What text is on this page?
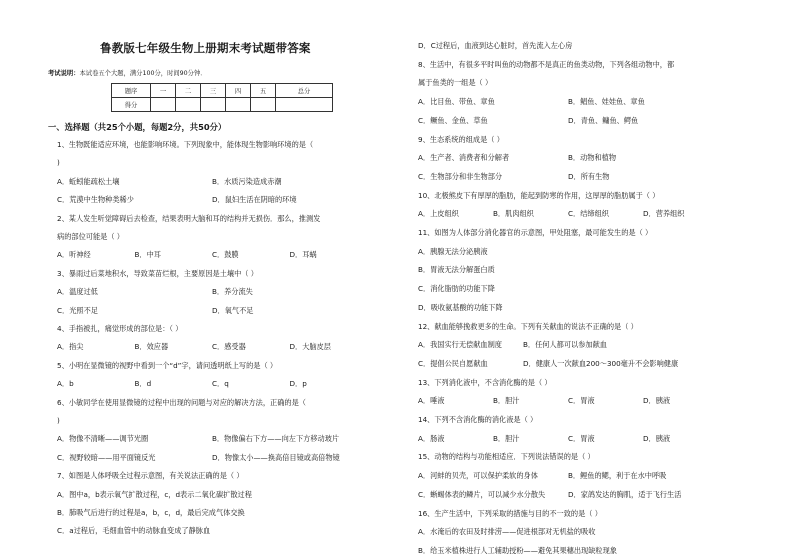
鲁教版七年级生物上册期末考试题带答案
考试说明：本试卷五个大题，满分100分，时间90分钟．
题序	一	二	三	四	五	总分
得分						
一、选择题（共25个小题，每题2分，共50分）
1、生物既能适应环境，也能影响环境。下列现象中，能体现生物影响环境的是（
)
A．蚯蚓能疏松土壤	B．水质污染造成赤潮
C．荒漠中生物种类稀少	D．鼠妇生活在阴暗的环境
2、某人发生听觉障碍后去检查，结果表明大脑和耳的结构并无损伤．那么，推测发
病的部位可能是（ ）
A．听神经	B．中耳	C．鼓膜	D．耳蜗
3、暴雨过后菜地积水，导致菜苗烂根，主要原因是土壤中（ ）
A．温度过低	B．养分流失
C．光照不足	D．氧气不足
4、手指被扎，痛觉形成的部位是：（ ）
A．指尖	B．效应器	C．感受器	D．大脑皮层
5、小明在显微镜的视野中看到一个“d”字，请问透明纸上写的是（ ）
A．b	B．d	C．q	D．p
6、小敏同学在使用显微镜的过程中出现的问题与对应的解决方法，正确的是（
)
A．物像不清晰——调节光圈	B．物像偏右下方——向左下方移动玻片
C．视野较暗——用平面镜反光	D．物像太小——换高倍目镜或高倍物镜
7、如图是人体呼吸全过程示意图，有关说法正确的是（ ）
A．图中a，b表示氧气扩散过程，c，d表示二氧化碳扩散过程
B．肺吸气后进行的过程是a，b，c，d，最后完成气体交换
C．a过程后，毛细血管中的动脉血变成了静脉血
D．C过程后，血液到达心脏时，首先流入左心房
8、生活中，有很多平时叫鱼的动物都不是真正的鱼类动物，下列各组动物中，都
属于鱼类的一组是（ ）
A．比目鱼、带鱼、章鱼	B．鲳鱼、娃娃鱼、章鱼
C．鳜鱼、金鱼、草鱼	D．青鱼、鳙鱼、鳄鱼
9、生态系统的组成是（ ）
A．生产者、消费者和分解者	B．动物和植物
C．生物部分和非生物部分	D．所有生物
10、北极熊皮下有厚厚的脂肪，能起到防寒的作用，这厚厚的脂肪属于（ ）
A．上皮组织	B．肌肉组织	C．结缔组织	D．营养组织
11、如图为人体部分消化器官的示意图，甲处阻塞，最可能发生的是（ ）
A．胰腺无法分泌胰液
B．胃液无法分解蛋白质
C．消化脂肪的功能下降
D．吸收氨基酸的功能下降
12、献血能够挽救更多的生命。下列有关献血的说法不正确的是（ ）
A．我国实行无偿献血制度	B．任何人都可以参加献血
C．提倡公民自愿献血	D．健康人一次献血200～300毫升不会影响健康
13、下列消化液中，不含消化酶的是（ ）
A．唾液	B．胆汁	C．胃液	D．胰液
14、下列不含消化酶的消化液是（ ）
A．肠液	B．胆汁	C．胃液	D．胰液
15、动物的结构与功能相适应．下列说法错误的是（ ）
A．河蚌的贝壳，可以保护柔软的身体	B．鲤鱼的鳃，利于在水中呼吸
C．蜥蜴体表的鳞片，可以减少水分散失	D．家鸽发达的胸肌，适于飞行生活
16、生产生活中，下列采取的措施与目的不一致的是（ ）
A．水淹后的农田及时排涝——促进根部对无机盐的吸收
B．给玉米植株进行人工辅助授粉——避免其果穗出现缺粒现象
